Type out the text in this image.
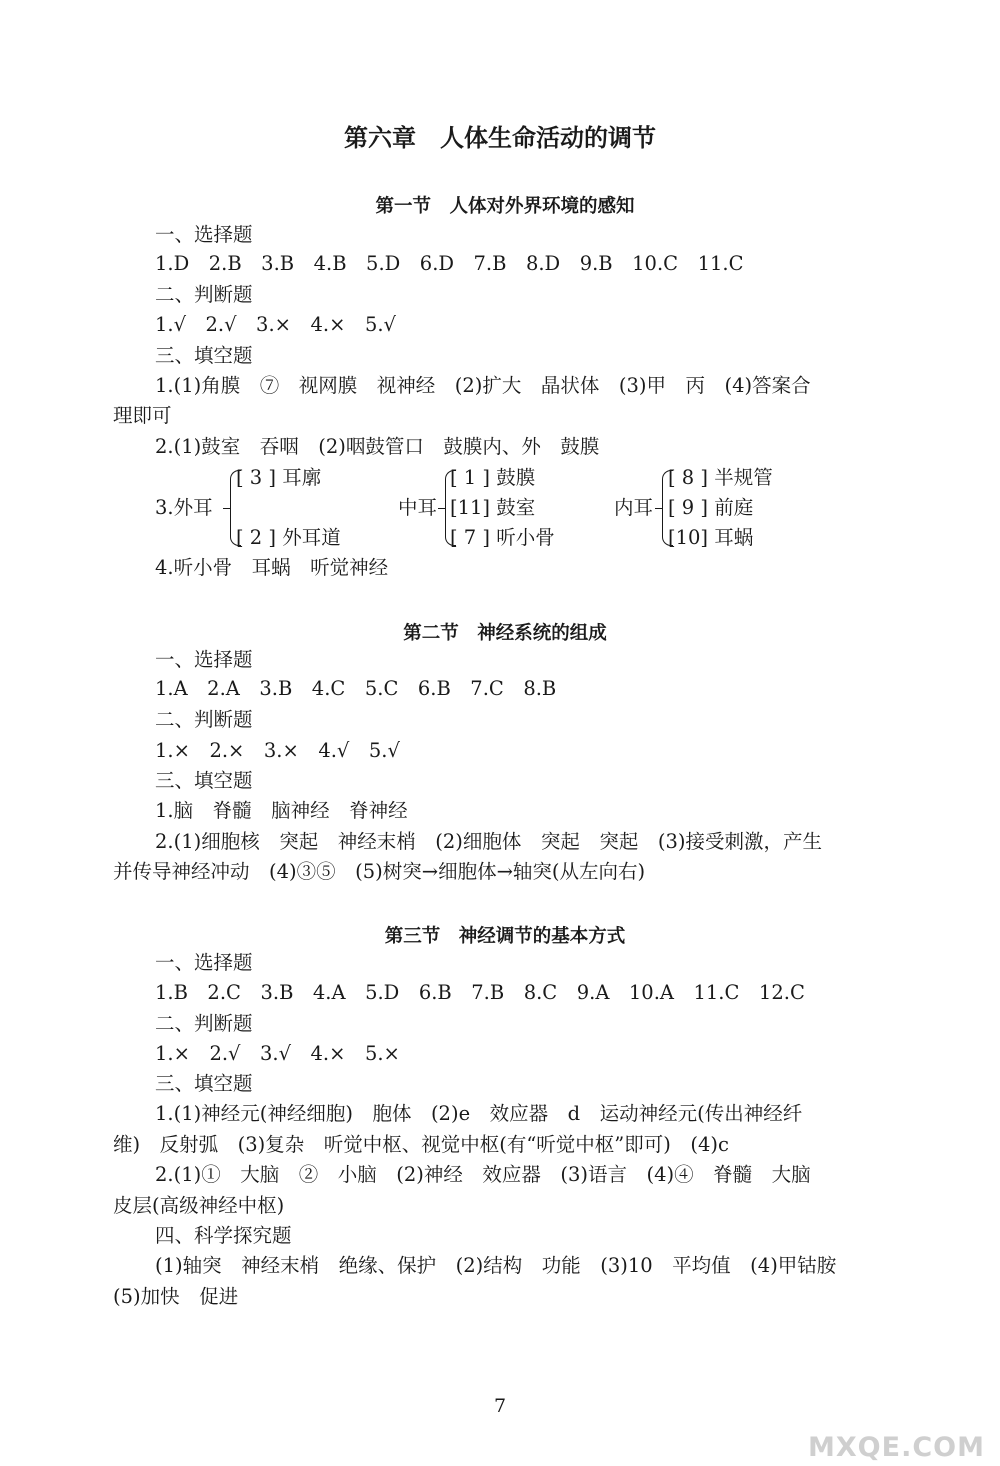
第六章　人体生命活动的调节
第一节　人体对外界环境的感知
一、选择题
1.D　2.B　3.B　4.B　5.D　6.D　7.B　8.D　9.B　10.C　11.C
二、判断题
1.√　2.√　3.×　4.×　5.√
三、填空题
1.(1)角膜　⑦　视网膜　视神经　(2)扩大　晶状体　(3)甲　丙　(4)答案合
理即可
2.(1)鼓室　吞咽　(2)咽鼓管口　鼓膜内、外　鼓膜
3.外耳
[ 3 ] 耳廓
[ 2 ] 外耳道
中耳
[ 1 ] 鼓膜
[11] 鼓室
[ 7 ] 听小骨
内耳
[ 8 ] 半规管
[ 9 ] 前庭
[10] 耳蜗
4.听小骨　耳蜗　听觉神经
第二节　神经系统的组成
一、选择题
1.A　2.A　3.B　4.C　5.C　6.B　7.C　8.B
二、判断题
1.×　2.×　3.×　4.√　5.√
三、填空题
1.脑　脊髓　脑神经　脊神经
2.(1)细胞核　突起　神经末梢　(2)细胞体　突起　突起　(3)接受刺激，产生
并传导神经冲动　(4)③⑤　(5)树突→细胞体→轴突(从左向右)
第三节　神经调节的基本方式
一、选择题
1.B　2.C　3.B　4.A　5.D　6.B　7.B　8.C　9.A　10.A　11.C　12.C
二、判断题
1.×　2.√　3.√　4.×　5.×
三、填空题
1.(1)神经元(神经细胞)　胞体　(2)e　效应器　d　运动神经元(传出神经纤
维)　反射弧　(3)复杂　听觉中枢、视觉中枢(有“听觉中枢”即可)　(4)c
2.(1)①　大脑　②　小脑　(2)神经　效应器　(3)语言　(4)④　脊髓　大脑
皮层(高级神经中枢)
四、科学探究题
(1)轴突　神经末梢　绝缘、保护　(2)结构　功能　(3)10　平均值　(4)甲钴胺
(5)加快　促进
7
MXQE.COM
